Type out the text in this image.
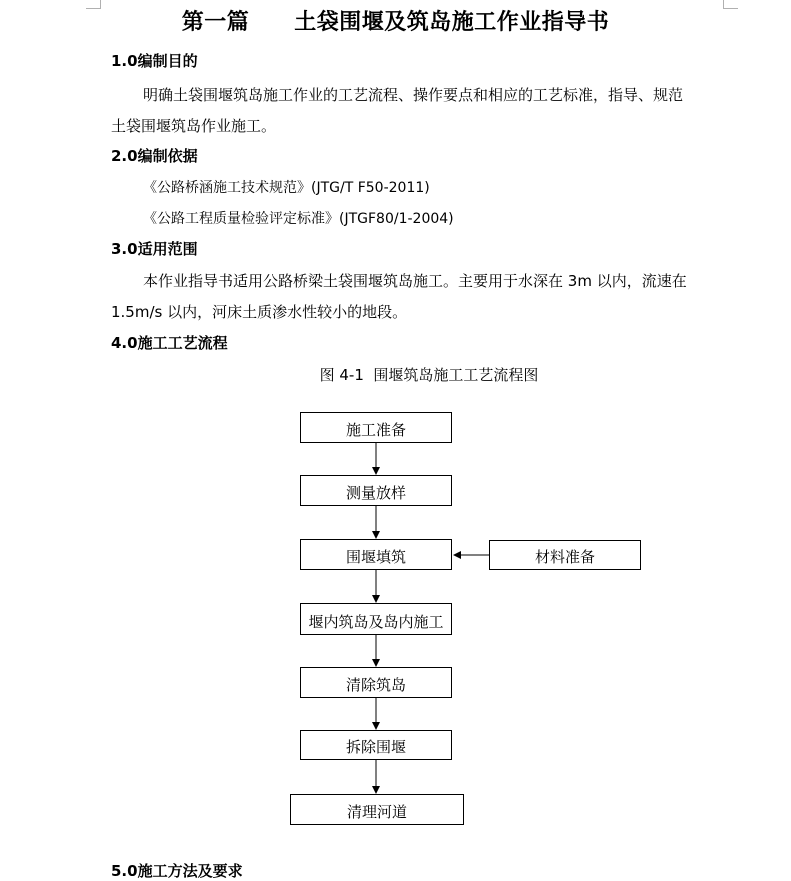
第一篇　　土袋围堰及筑岛施工作业指导书
1.0编制目的
明确土袋围堰筑岛施工作业的工艺流程、操作要点和相应的工艺标准，指导、规范
土袋围堰筑岛作业施工。
2.0编制依据
《公路桥涵施工技术规范》(JTG/T F50-2011)
《公路工程质量检验评定标准》(JTGF80/1-2004)
3.0适用范围
本作业指导书适用公路桥梁土袋围堰筑岛施工。主要用于水深在 3m 以内，流速在
1.5m/s 以内，河床土质渗水性较小的地段。
4.0施工工艺流程
图 4-1  围堰筑岛施工工艺流程图
施工准备
测量放样
围堰填筑	材料准备
堰内筑岛及岛内施工
清除筑岛
拆除围堰
清理河道
5.0施工方法及要求
